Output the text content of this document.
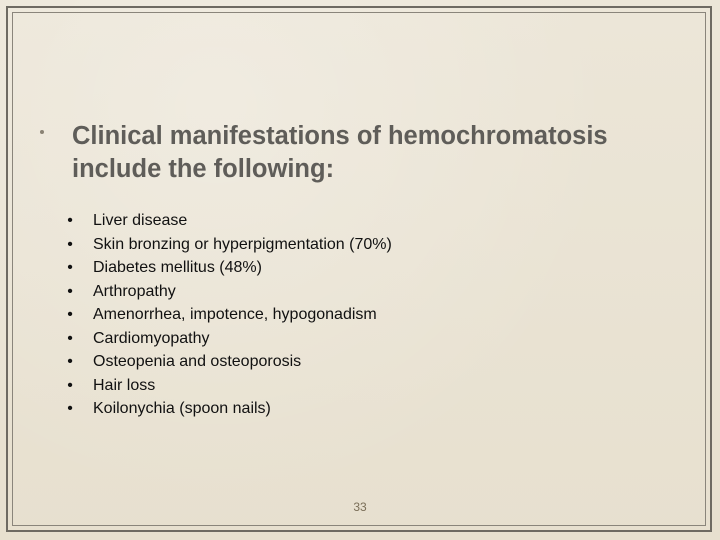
Clinical manifestations of hemochromatosis include the following:
• Liver disease
• Skin bronzing or hyperpigmentation (70%)
• Diabetes mellitus (48%)
• Arthropathy
• Amenorrhea, impotence, hypogonadism
• Cardiomyopathy
• Osteopenia and osteoporosis
• Hair loss
• Koilonychia (spoon nails)
33
